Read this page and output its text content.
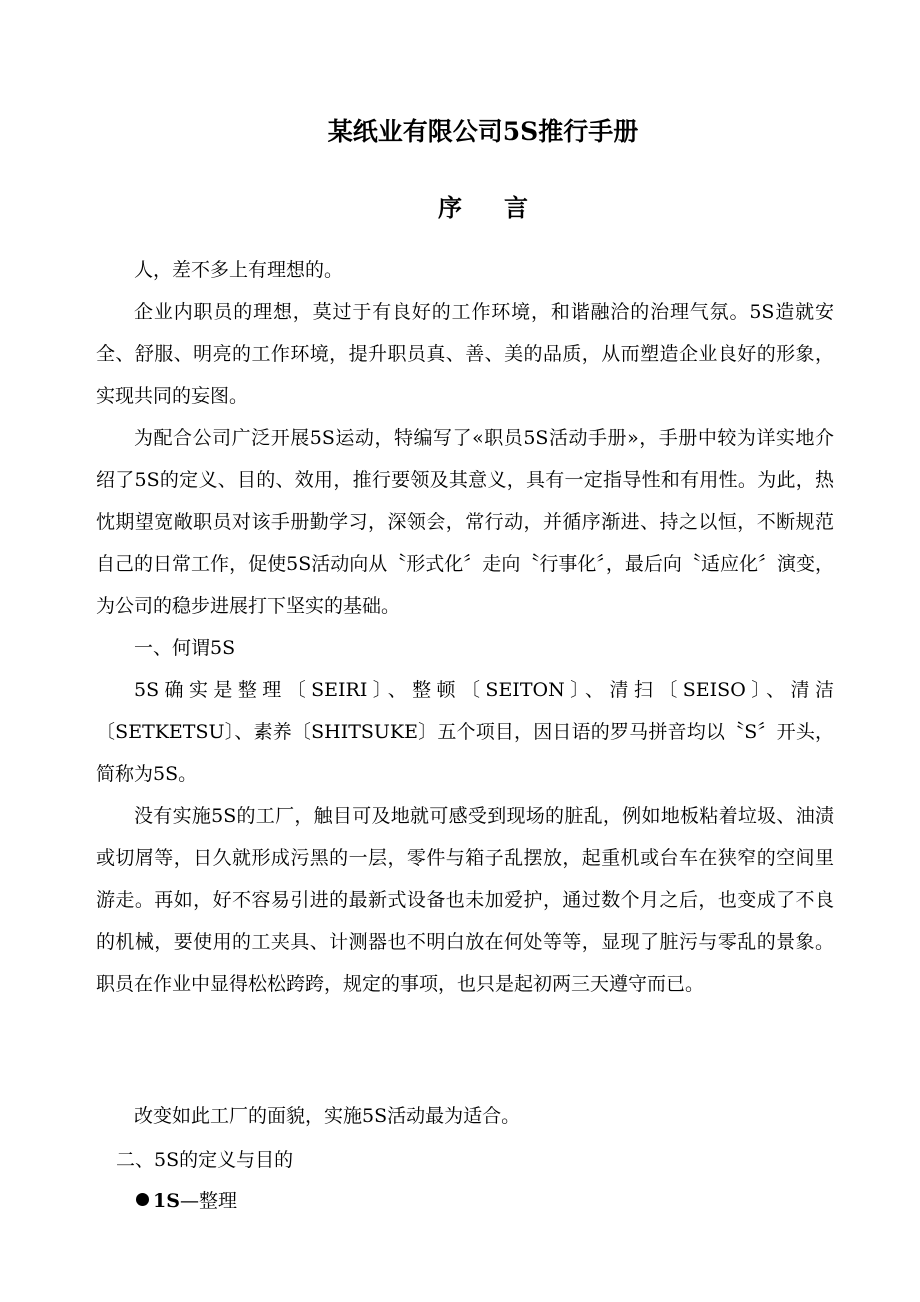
某纸业有限公司5S推行手册
序 言

人，差不多上有理想的。

企业内职员的理想，莫过于有良好的工作环境，和谐融洽的治理气氛。5S造就安全、舒服、明亮的工作环境，提升职员真、善、美的品质，从而塑造企业良好的形象，实现共同的妄图。

为配合公司广泛开展5S运动，特编写了«职员5S活动手册»，手册中较为详实地介绍了5S的定义、目的、效用，推行要领及其意义，具有一定指导性和有用性。为此，热忱期望宽敞职员对该手册勤学习，深领会，常行动，并循序渐进、持之以恒，不断规范自己的日常工作，促使5S活动向从〝形式化〞走向〝行事化〞，最后向〝适应化〞演变，为公司的稳步进展打下坚实的基础。

一、何谓5S

5S确实是整理〔SEIRI〕、整顿〔SEITON〕、清扫〔SEISO〕、清洁〔SETKETSU〕、素养〔SHITSUKE〕五个项目，因日语的罗马拼音均以〝S〞开头，简称为5S。

没有实施5S的工厂，触目可及地就可感受到现场的脏乱，例如地板粘着垃圾、油渍或切屑等，日久就形成污黑的一层，零件与箱子乱摆放，起重机或台车在狭窄的空间里游走。再如，好不容易引进的最新式设备也未加爱护，通过数个月之后，也变成了不良的机械，要使用的工夹具、计测器也不明白放在何处等等，显现了脏污与零乱的景象。职员在作业中显得松松跨跨，规定的事项，也只是起初两三天遵守而已。

改变如此工厂的面貌，实施5S活动最为适合。

二、5S的定义与目的

1S—整理
